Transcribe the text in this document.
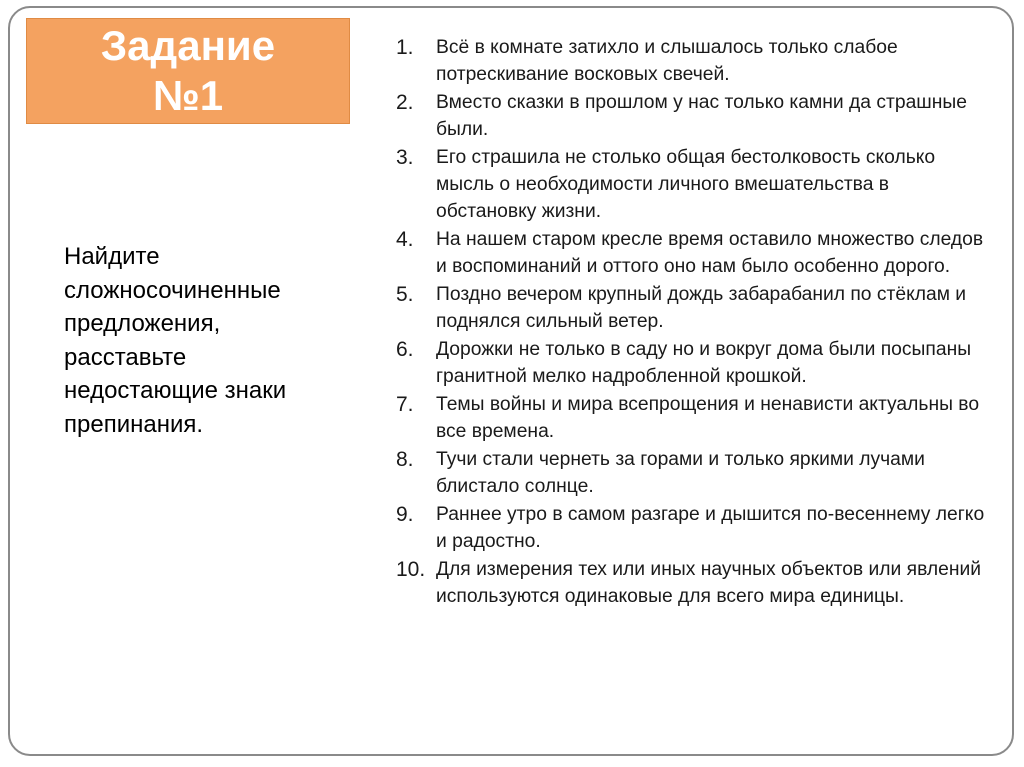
Задание
№1
Найдите сложносочиненные предложения, расставьте недостающие знаки препинания.
1.	Всё в комнате затихло и слышалось только слабое потрескивание восковых свечей.
2.	Вместо сказки в прошлом у нас только камни да страшные были.
3.	Его страшила не столько общая бестолковость сколько мысль о необходимости личного вмешательства в обстановку жизни.
4.	На нашем старом кресле время оставило множество следов и воспоминаний и оттого оно нам было особенно дорого.
5.	Поздно вечером крупный дождь забарабанил по стёклам и поднялся сильный ветер.
6.	Дорожки не только в саду но и вокруг дома были посыпаны гранитной мелко надробленной крошкой.
7.	Темы войны и мира всепрощения и ненависти актуальны во все времена.
8.	Тучи стали чернеть за горами и только яркими лучами блистало солнце.
9.	Раннее утро в самом разгаре и дышится по-весеннему легко и радостно.
10. Для измерения тех или иных научных объектов или явлений используются одинаковые для всего мира единицы.
